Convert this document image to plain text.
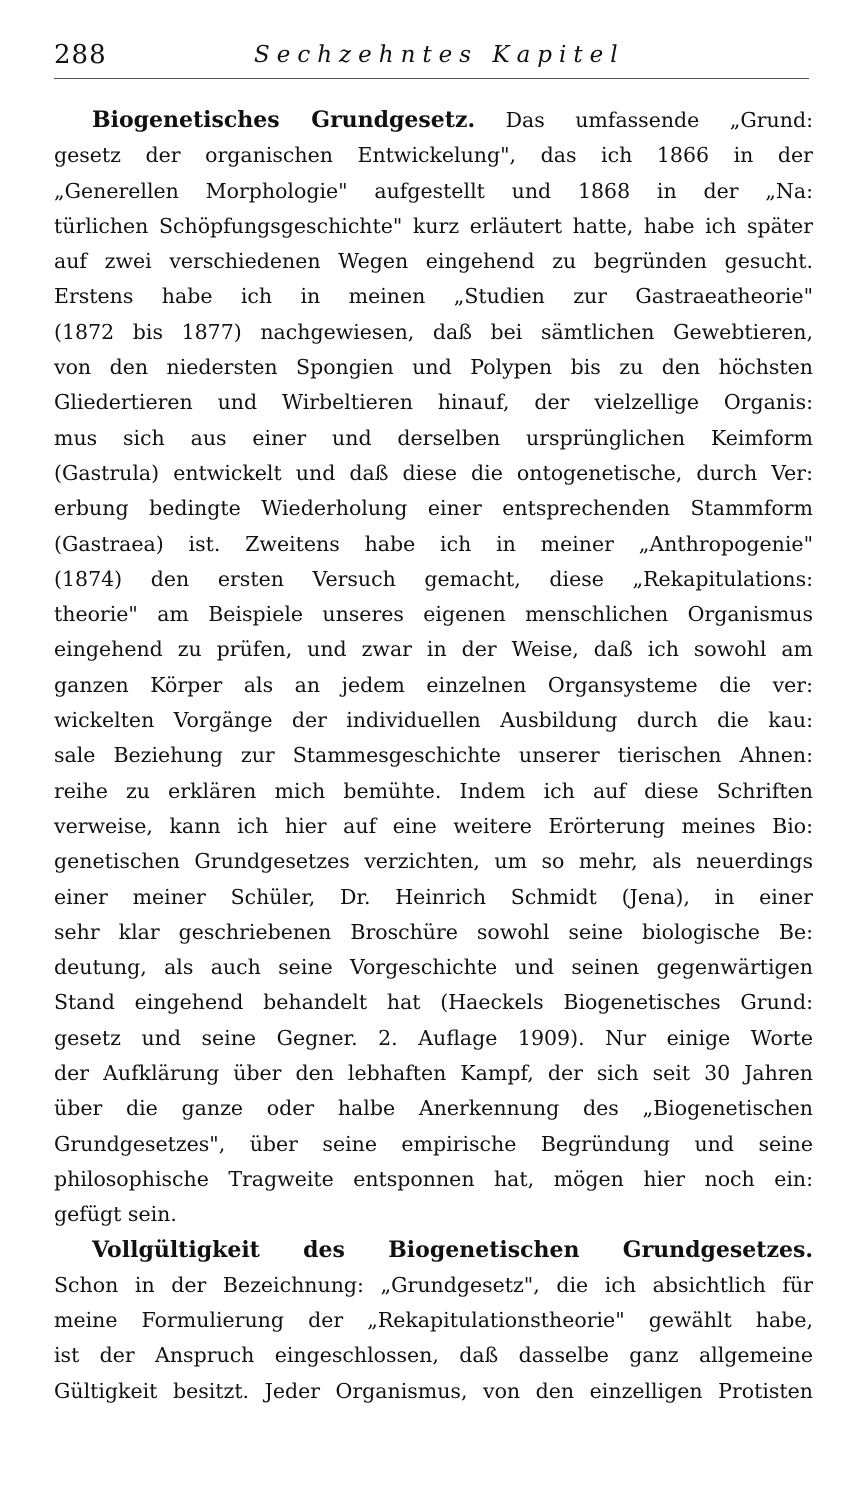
288	Sechzehntes Kapitel
Biogenetisches Grundgesetz. Das umfassende „Grund:
gesetz der organischen Entwickelung", das ich 1866 in der
„Generellen Morphologie" aufgestellt und 1868 in der „Na:
türlichen Schöpfungsgeschichte" kurz erläutert hatte, habe ich später
auf zwei verschiedenen Wegen eingehend zu begründen gesucht.
Erstens habe ich in meinen „Studien zur Gastraeatheorie"
(1872 bis 1877) nachgewiesen, daß bei sämtlichen Gewebtieren,
von den niedersten Spongien und Polypen bis zu den höchsten
Gliedertieren und Wirbeltieren hinauf, der vielzellige Organis:
mus sich aus einer und derselben ursprünglichen Keimform
(Gastrula) entwickelt und daß diese die ontogenetische, durch Ver:
erbung bedingte Wiederholung einer entsprechenden Stammform
(Gastraea) ist. Zweitens habe ich in meiner „Anthropogenie"
(1874) den ersten Versuch gemacht, diese „Rekapitulations:
theorie" am Beispiele unseres eigenen menschlichen Organismus
eingehend zu prüfen, und zwar in der Weise, daß ich sowohl am
ganzen Körper als an jedem einzelnen Organsysteme die ver:
wickelten Vorgänge der individuellen Ausbildung durch die kau:
sale Beziehung zur Stammesgeschichte unserer tierischen Ahnen:
reihe zu erklären mich bemühte. Indem ich auf diese Schriften
verweise, kann ich hier auf eine weitere Erörterung meines Bio:
genetischen Grundgesetzes verzichten, um so mehr, als neuerdings
einer meiner Schüler, Dr. Heinrich Schmidt (Jena), in einer
sehr klar geschriebenen Broschüre sowohl seine biologische Be:
deutung, als auch seine Vorgeschichte und seinen gegenwärtigen
Stand eingehend behandelt hat (Haeckels Biogenetisches Grund:
gesetz und seine Gegner. 2. Auflage 1909). Nur einige Worte
der Aufklärung über den lebhaften Kampf, der sich seit 30 Jahren
über die ganze oder halbe Anerkennung des „Biogenetischen
Grundgesetzes", über seine empirische Begründung und seine
philosophische Tragweite entsponnen hat, mögen hier noch ein:
gefügt sein.
Vollgültigkeit des Biogenetischen Grundgesetzes.
Schon in der Bezeichnung: „Grundgesetz", die ich absichtlich für
meine Formulierung der „Rekapitulationstheorie" gewählt habe,
ist der Anspruch eingeschlossen, daß dasselbe ganz allgemeine
Gültigkeit besitzt. Jeder Organismus, von den einzelligen Protisten
